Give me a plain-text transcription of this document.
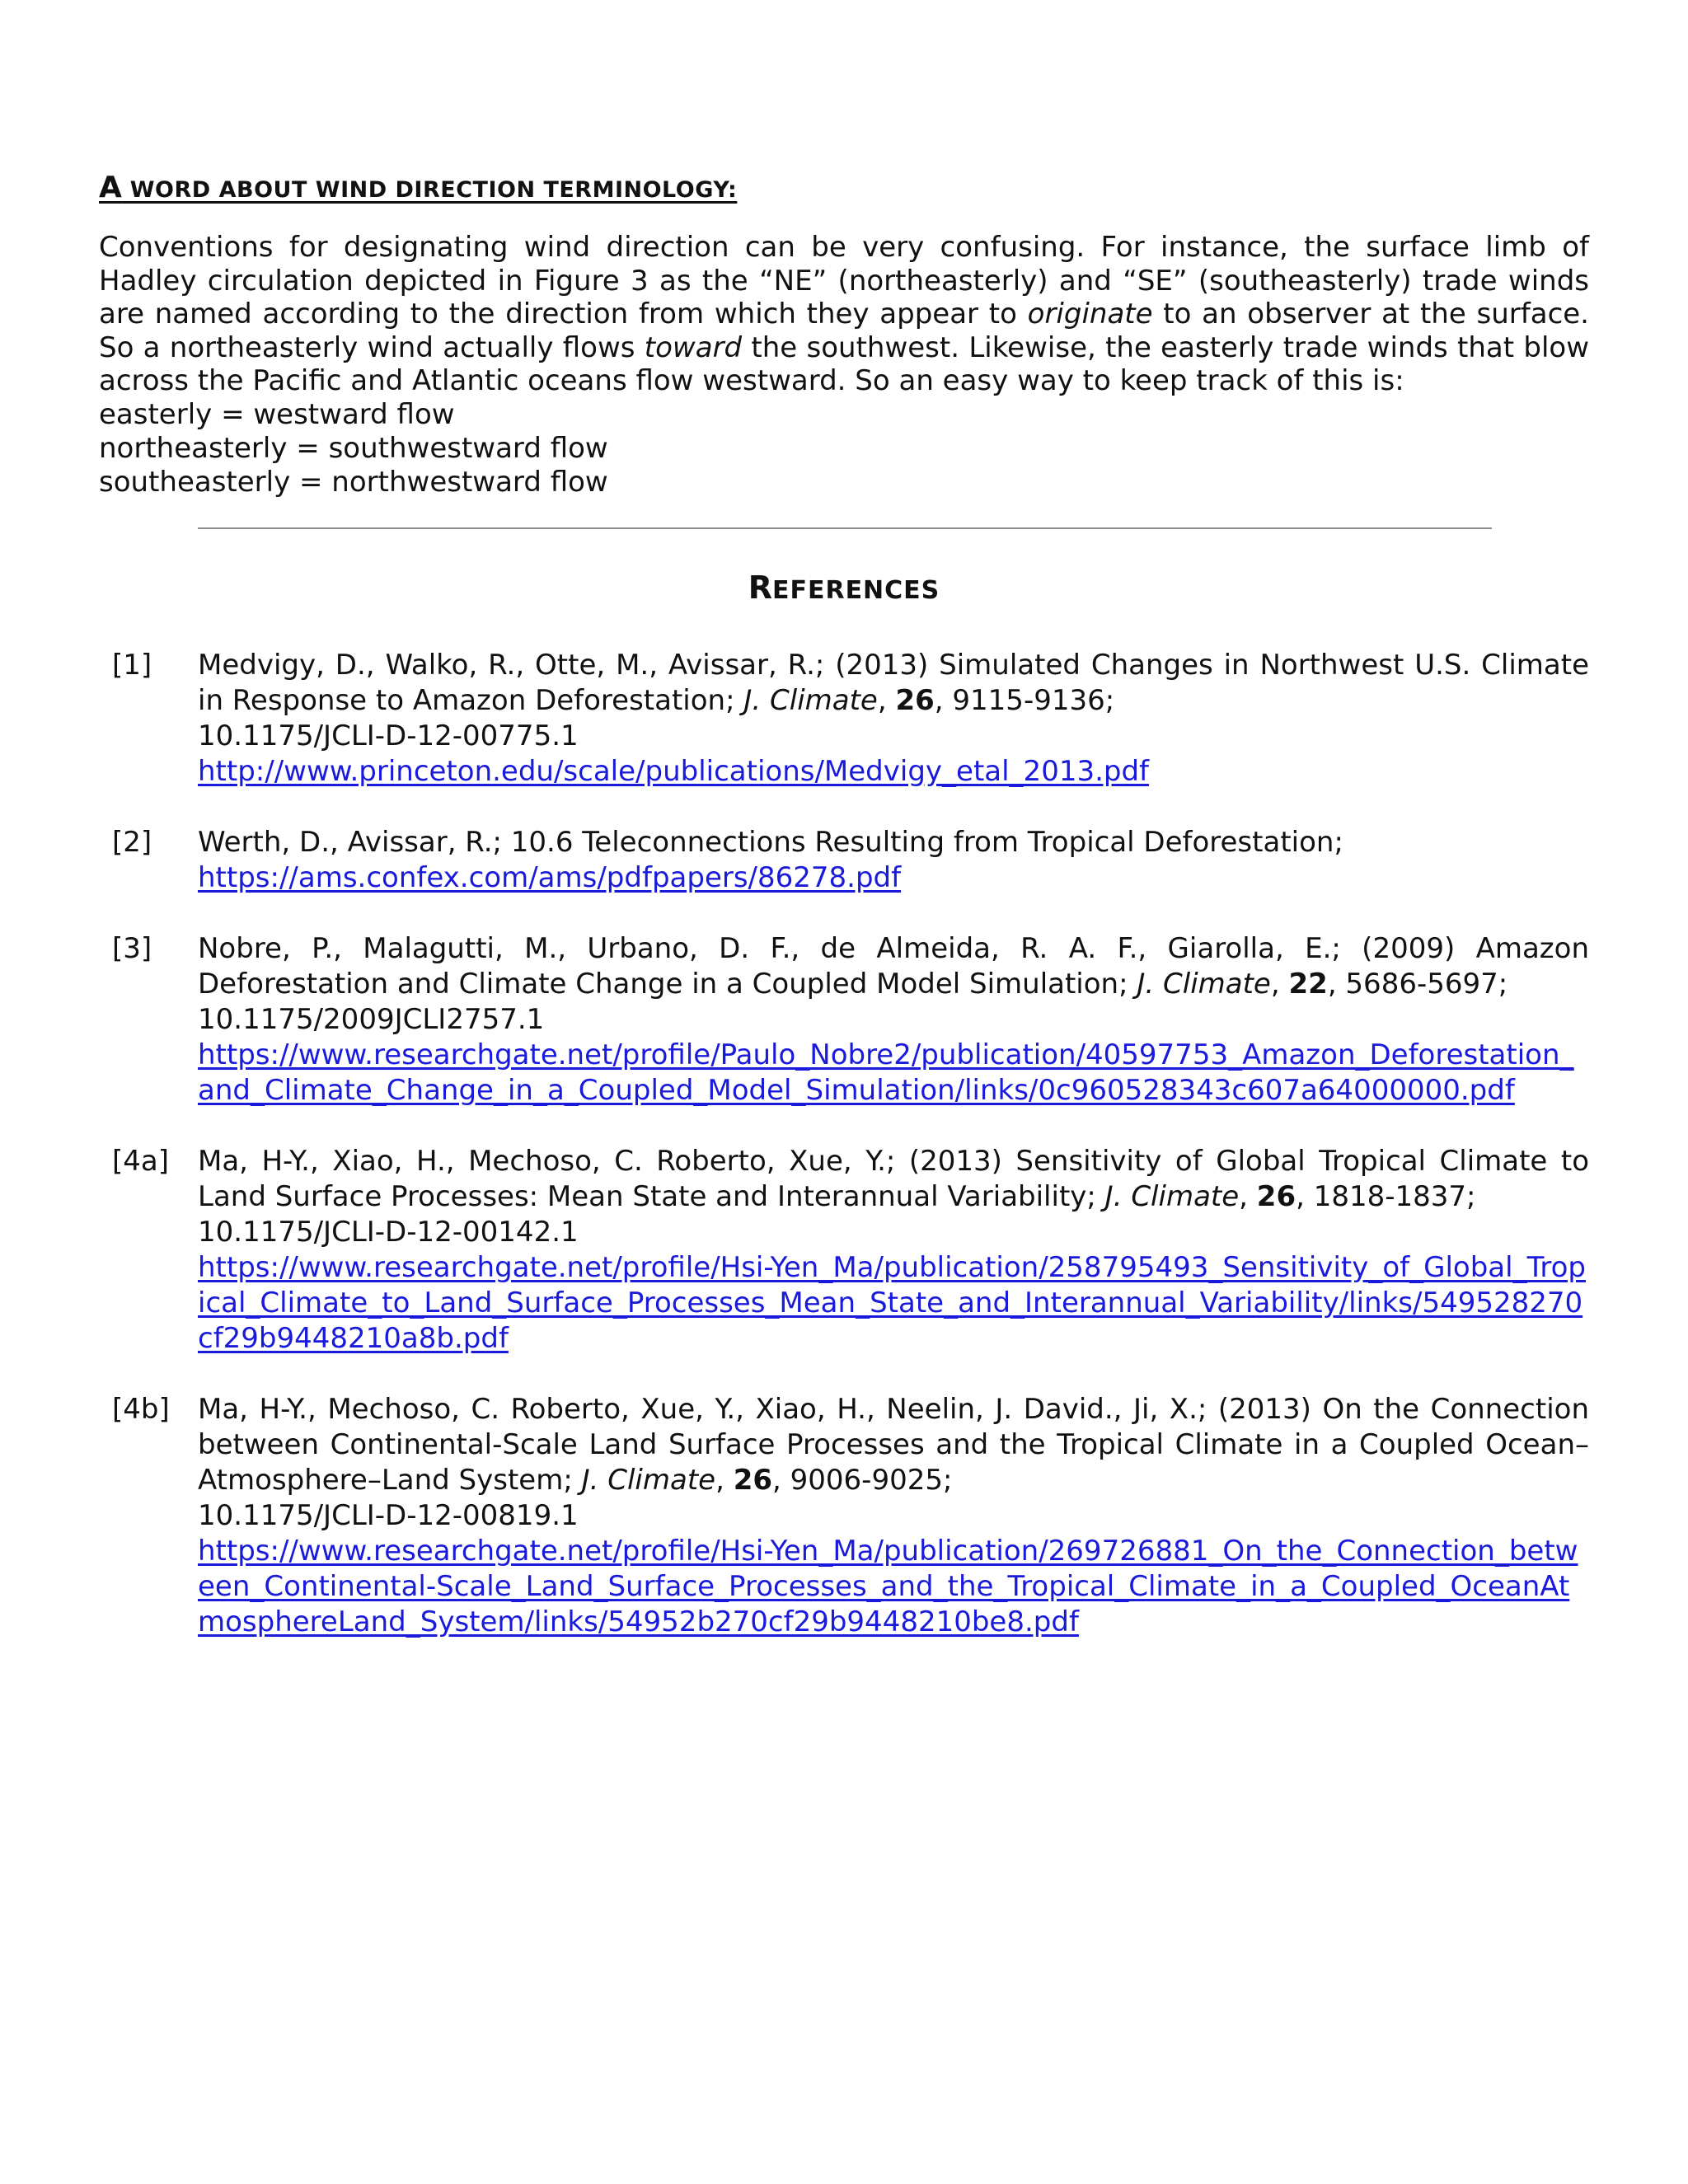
A WORD ABOUT WIND DIRECTION TERMINOLOGY:

Conventions for designating wind direction can be very confusing. For instance, the surface limb of Hadley circulation depicted in Figure 3 as the “NE” (northeasterly) and “SE” (southeasterly) trade winds are named according to the direction from which they appear to originate to an observer at the surface. So a northeasterly wind actually flows toward the southwest. Likewise, the easterly trade winds that blow across the Pacific and Atlantic oceans flow westward. So an easy way to keep track of this is:

easterly = westward flow

northeasterly = southwestward flow

southeasterly = northwestward flow

REFERENCES
[1] Medvigy, D., Walko, R., Otte, M., Avissar, R.; (2013) Simulated Changes in Northwest U.S. Climate in Response to Amazon Deforestation; J. Climate, 26, 9115-9136;
10.1175/JCLI-D-12-00775.1
http://www.princeton.edu/scale/publications/Medvigy_etal_2013.pdf
[2] Werth, D., Avissar, R.; 10.6 Teleconnections Resulting from Tropical Deforestation;
https://ams.confex.com/ams/pdfpapers/86278.pdf
[3] Nobre, P., Malagutti, M., Urbano, D. F., de Almeida, R. A. F., Giarolla, E.; (2009) Amazon Deforestation and Climate Change in a Coupled Model Simulation; J. Climate, 22, 5686-5697;
10.1175/2009JCLI2757.1
https://www.researchgate.net/profile/Paulo_Nobre2/publication/40597753_Amazon_Deforestation_and_Climate_Change_in_a_Coupled_Model_Simulation/links/0c960528343c607a64000000.pdf
[4a] Ma, H-Y., Xiao, H., Mechoso, C. Roberto, Xue, Y.; (2013) Sensitivity of Global Tropical Climate to Land Surface Processes: Mean State and Interannual Variability; J. Climate, 26, 1818-1837;
10.1175/JCLI-D-12-00142.1
https://www.researchgate.net/profile/Hsi-Yen_Ma/publication/258795493_Sensitivity_of_Global_Tropical_Climate_to_Land_Surface_Processes_Mean_State_and_Interannual_Variability/links/549528270cf29b9448210a8b.pdf
[4b] Ma, H-Y., Mechoso, C. Roberto, Xue, Y., Xiao, H., Neelin, J. David., Ji, X.; (2013) On the Connection between Continental-Scale Land Surface Processes and the Tropical Climate in a Coupled Ocean–Atmosphere–Land System; J. Climate, 26, 9006-9025;
10.1175/JCLI-D-12-00819.1
https://www.researchgate.net/profile/Hsi-Yen_Ma/publication/269726881_On_the_Connection_between_Continental-Scale_Land_Surface_Processes_and_the_Tropical_Climate_in_a_Coupled_OceanAtmosphereLand_System/links/54952b270cf29b9448210be8.pdf
